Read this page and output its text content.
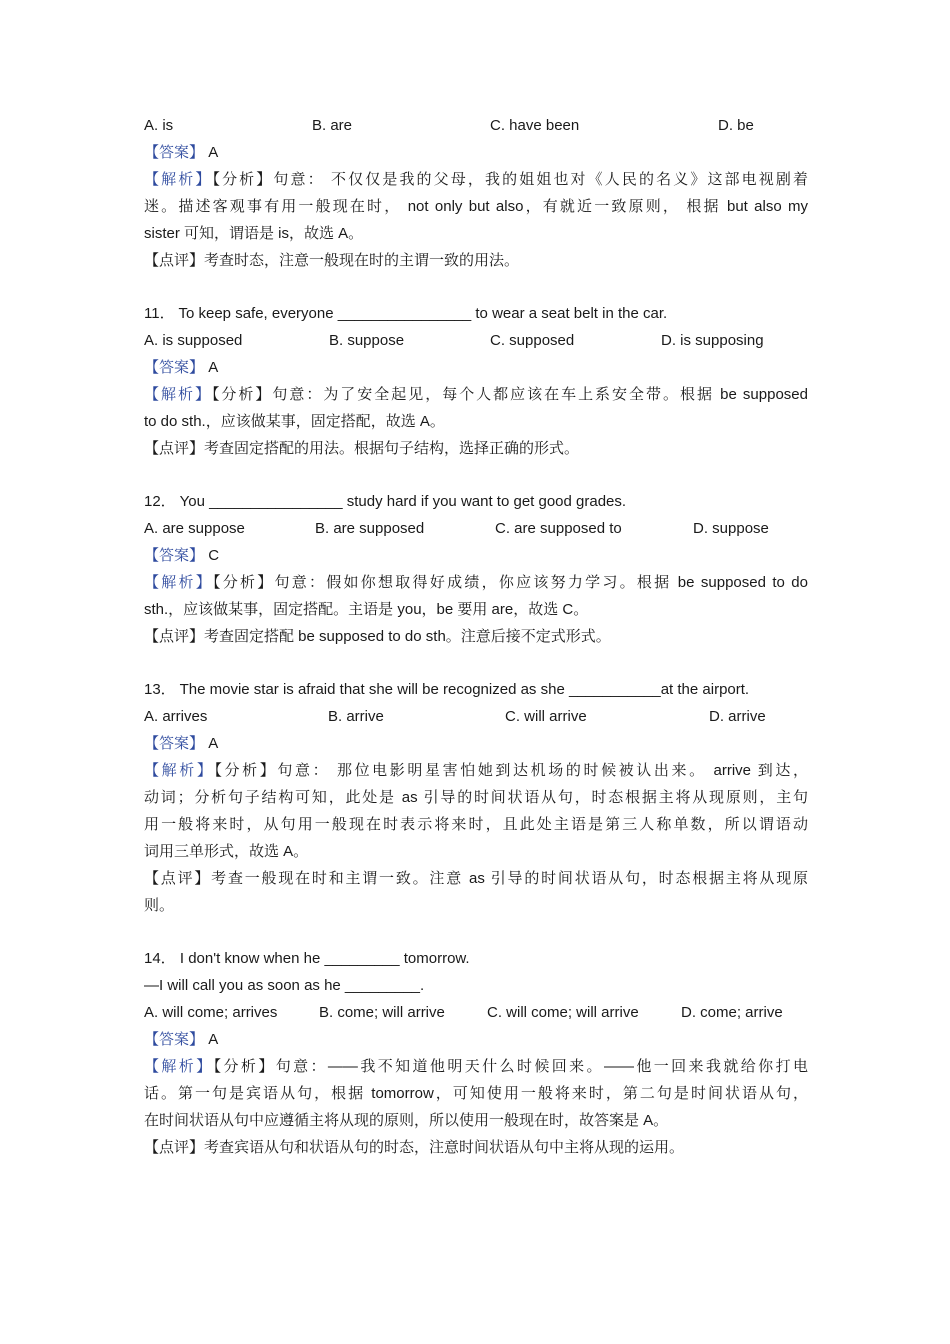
A. is	B. are	C. have been	D. be
【答案】 A
【解析】【分析】句意： 不仅仅是我的父母，我的姐姐也对《人民的名义》这部电视剧着
迷。描述客观事有用一般现在时， not only but also，有就近一致原则， 根据 but also my
sister 可知，谓语是 is，故选 A。
【点评】考查时态，注意一般现在时的主谓一致的用法。
11． To keep safe, everyone ________________ to wear a seat belt in the car.
A. is supposed	B. suppose	C. supposed	D. is supposing
【答案】 A
【解析】【分析】句意：为了安全起见，每个人都应该在车上系安全带。根据 be supposed
to do sth.，应该做某事，固定搭配，故选 A。
【点评】考查固定搭配的用法。根据句子结构，选择正确的形式。
12． You ________________ study hard if you want to get good grades.
A. are suppose	B. are supposed	C. are supposed to	D. suppose
【答案】 C
【解析】【分析】句意：假如你想取得好成绩，你应该努力学习。根据 be supposed to do
sth.，应该做某事，固定搭配。主语是 you，be 要用 are，故选 C。
【点评】考查固定搭配 be supposed to do sth。注意后接不定式形式。
13． The movie star is afraid that she will be recognized as she ___________at the airport.
A. arrives	B. arrive	C. will arrive	D. arrive
【答案】 A
【解析】【分析】句意： 那位电影明星害怕她到达机场的时候被认出来。 arrive 到达，
动词；分析句子结构可知，此处是 as 引导的时间状语从句，时态根据主将从现原则，主句
用一般将来时，从句用一般现在时表示将来时，且此处主语是第三人称单数，所以谓语动
词用三单形式，故选 A。
【点评】考查一般现在时和主谓一致。注意 as 引导的时间状语从句，时态根据主将从现原
则。
14． I don't know when he _________ tomorrow.
—I will call you as soon as he _________.
A. will come; arrives	B. come; will arrive	C. will come; will arrive	D. come; arrive
【答案】 A
【解析】【分析】句意：——我不知道他明天什么时候回来。——他一回来我就给你打电
话。第一句是宾语从句，根据 tomorrow，可知使用一般将来时，第二句是时间状语从句，
在时间状语从句中应遵循主将从现的原则，所以使用一般现在时，故答案是 A。
【点评】考查宾语从句和状语从句的时态，注意时间状语从句中主将从现的运用。
